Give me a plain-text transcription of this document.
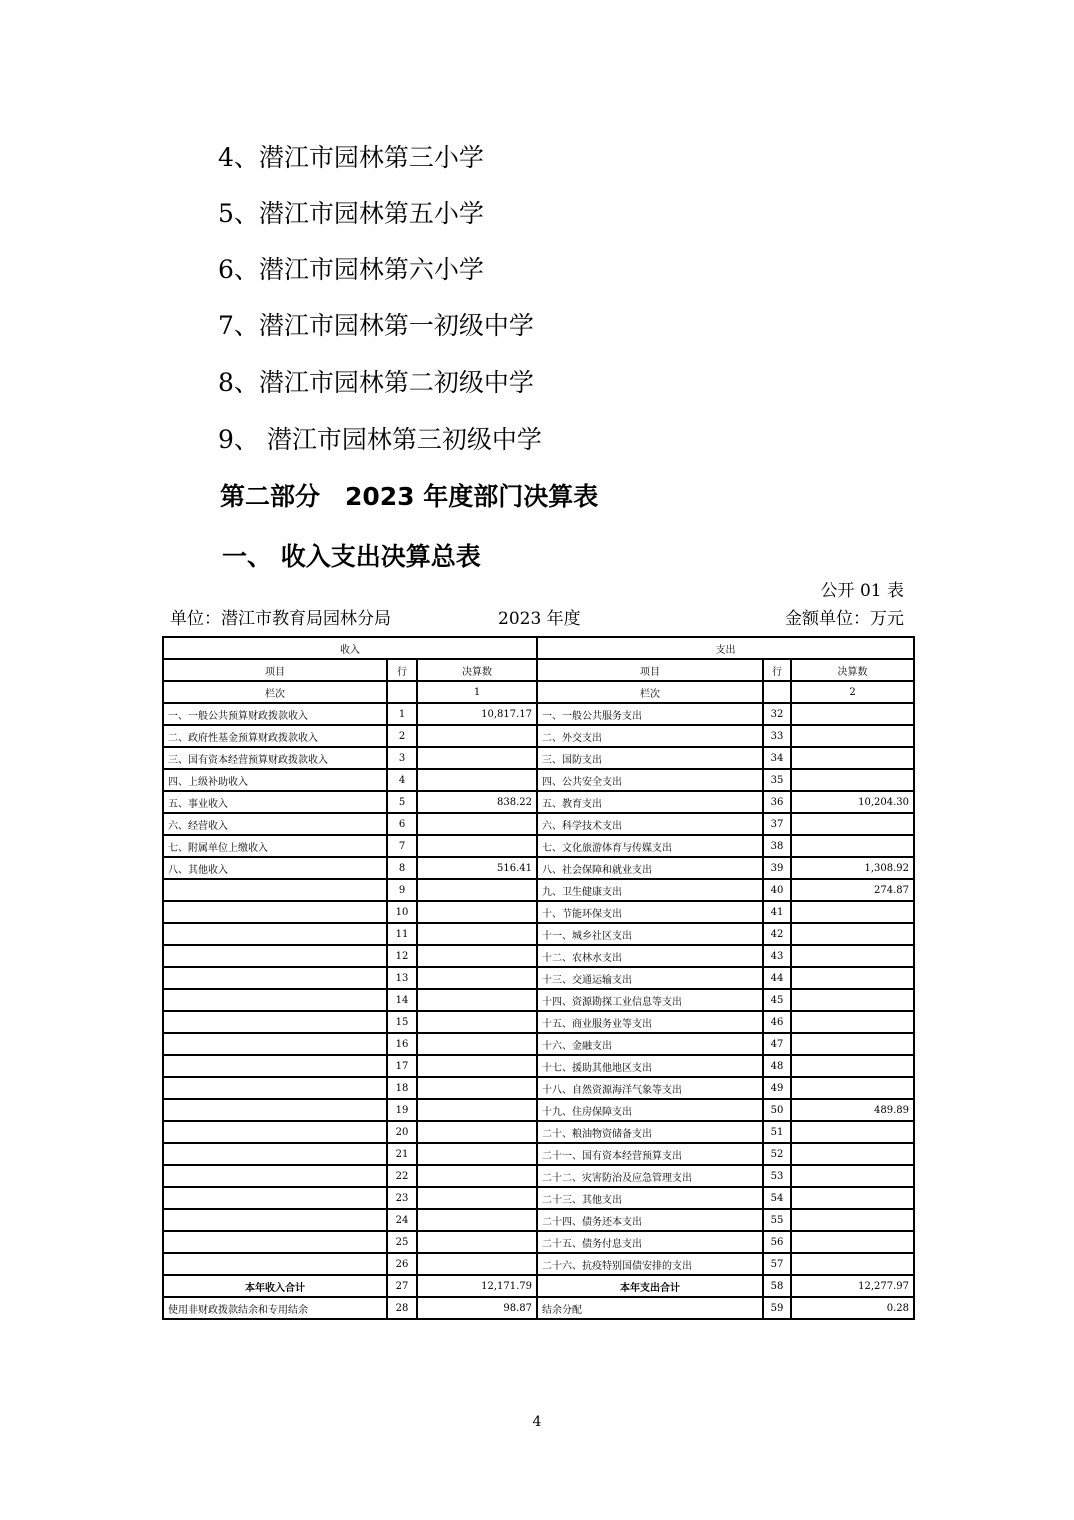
4、潜江市园林第三小学
5、潜江市园林第五小学
6、潜江市园林第六小学
7、潜江市园林第一初级中学
8、潜江市园林第二初级中学
9、 潜江市园林第三初级中学
第二部分　2023 年度部门决算表
一、 收入支出决算总表
公开 01 表
单位：潜江市教育局园林分局	2023 年度	金额单位：万元
收入			支出		
项目	行	决算数	项目	行	决算数
栏次		1	栏次		2
一、一般公共预算财政拨款收入	1	10,817.17	一、一般公共服务支出	32	
二、政府性基金预算财政拨款收入	2		二、外交支出	33	
三、国有资本经营预算财政拨款收入	3		三、国防支出	34	
四、上级补助收入	4		四、公共安全支出	35	
五、事业收入	5	838.22	五、教育支出	36	10,204.30
六、经营收入	6		六、科学技术支出	37	
七、附属单位上缴收入	7		七、文化旅游体育与传媒支出	38	
八、其他收入	8	516.41	八、社会保障和就业支出	39	1,308.92
	9		九、卫生健康支出	40	274.87
	10		十、节能环保支出	41	
	11		十一、城乡社区支出	42	
	12		十二、农林水支出	43	
	13		十三、交通运输支出	44	
	14		十四、资源勘探工业信息等支出	45	
	15		十五、商业服务业等支出	46	
	16		十六、金融支出	47	
	17		十七、援助其他地区支出	48	
	18		十八、自然资源海洋气象等支出	49	
	19		十九、住房保障支出	50	489.89
	20		二十、粮油物资储备支出	51	
	21		二十一、国有资本经营预算支出	52	
	22		二十二、灾害防治及应急管理支出	53	
	23		二十三、其他支出	54	
	24		二十四、债务还本支出	55	
	25		二十五、债务付息支出	56	
	26		二十六、抗疫特别国债安排的支出	57	
本年收入合计	27	12,171.79	本年支出合计	58	12,277.97
使用非财政拨款结余和专用结余	28	98.87	结余分配	59	0.28
4
